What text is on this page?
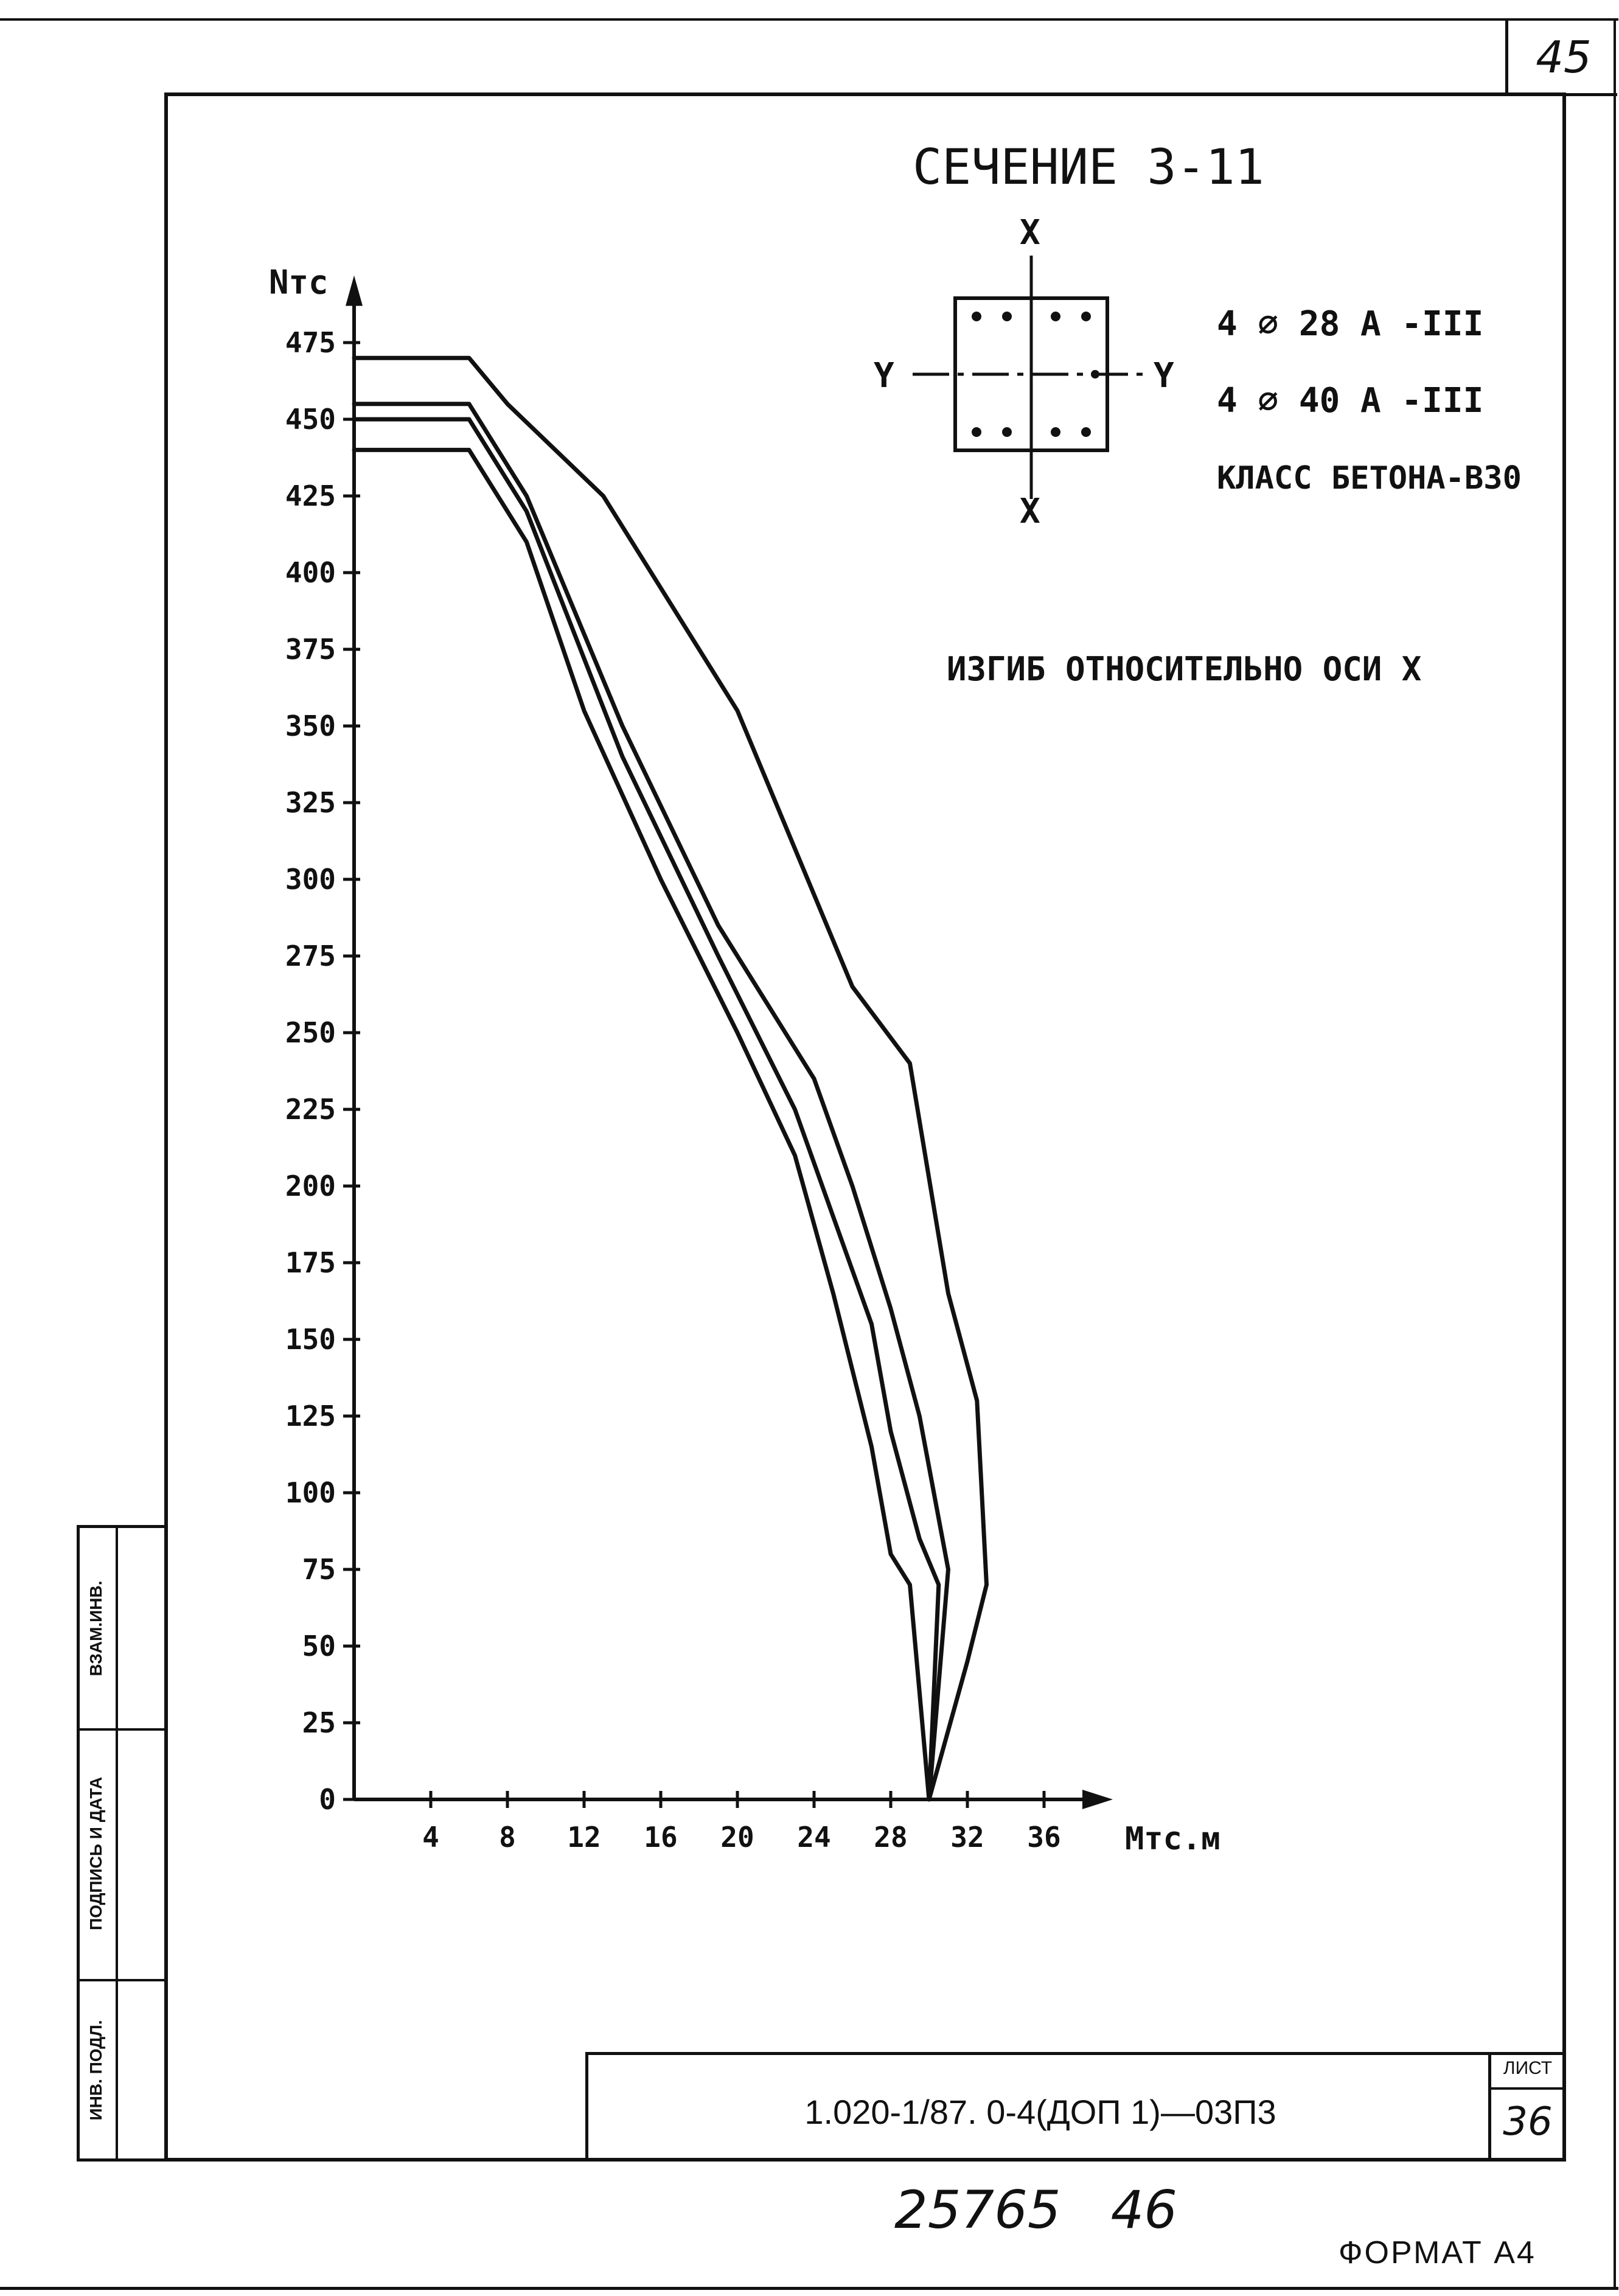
45
ВЗАМ.ИНВ.
ПОДПИСЬ И ДАТА
ИНВ. ПОДЛ.	1.020-1/87. 0-4(ДОП 1)—03П3
ЛИСТ
36
25765   46
ФОРМАТ А4
СЕЧЕНИЕ 3-11
X
X
Y	Y
4 ⌀ 28 А -III
4 ⌀ 40 А -III
КЛАСС БЕТОНА-В30
ИЗГИБ ОТНОСИТЕЛЬНО ОСИ X
4 8 12 16 20 24 28 32 36
0
25
50
75
100
125
150
175
200
225
250
275
300
325
350
375
400
425
450
475
Nтс
Mтс.м
